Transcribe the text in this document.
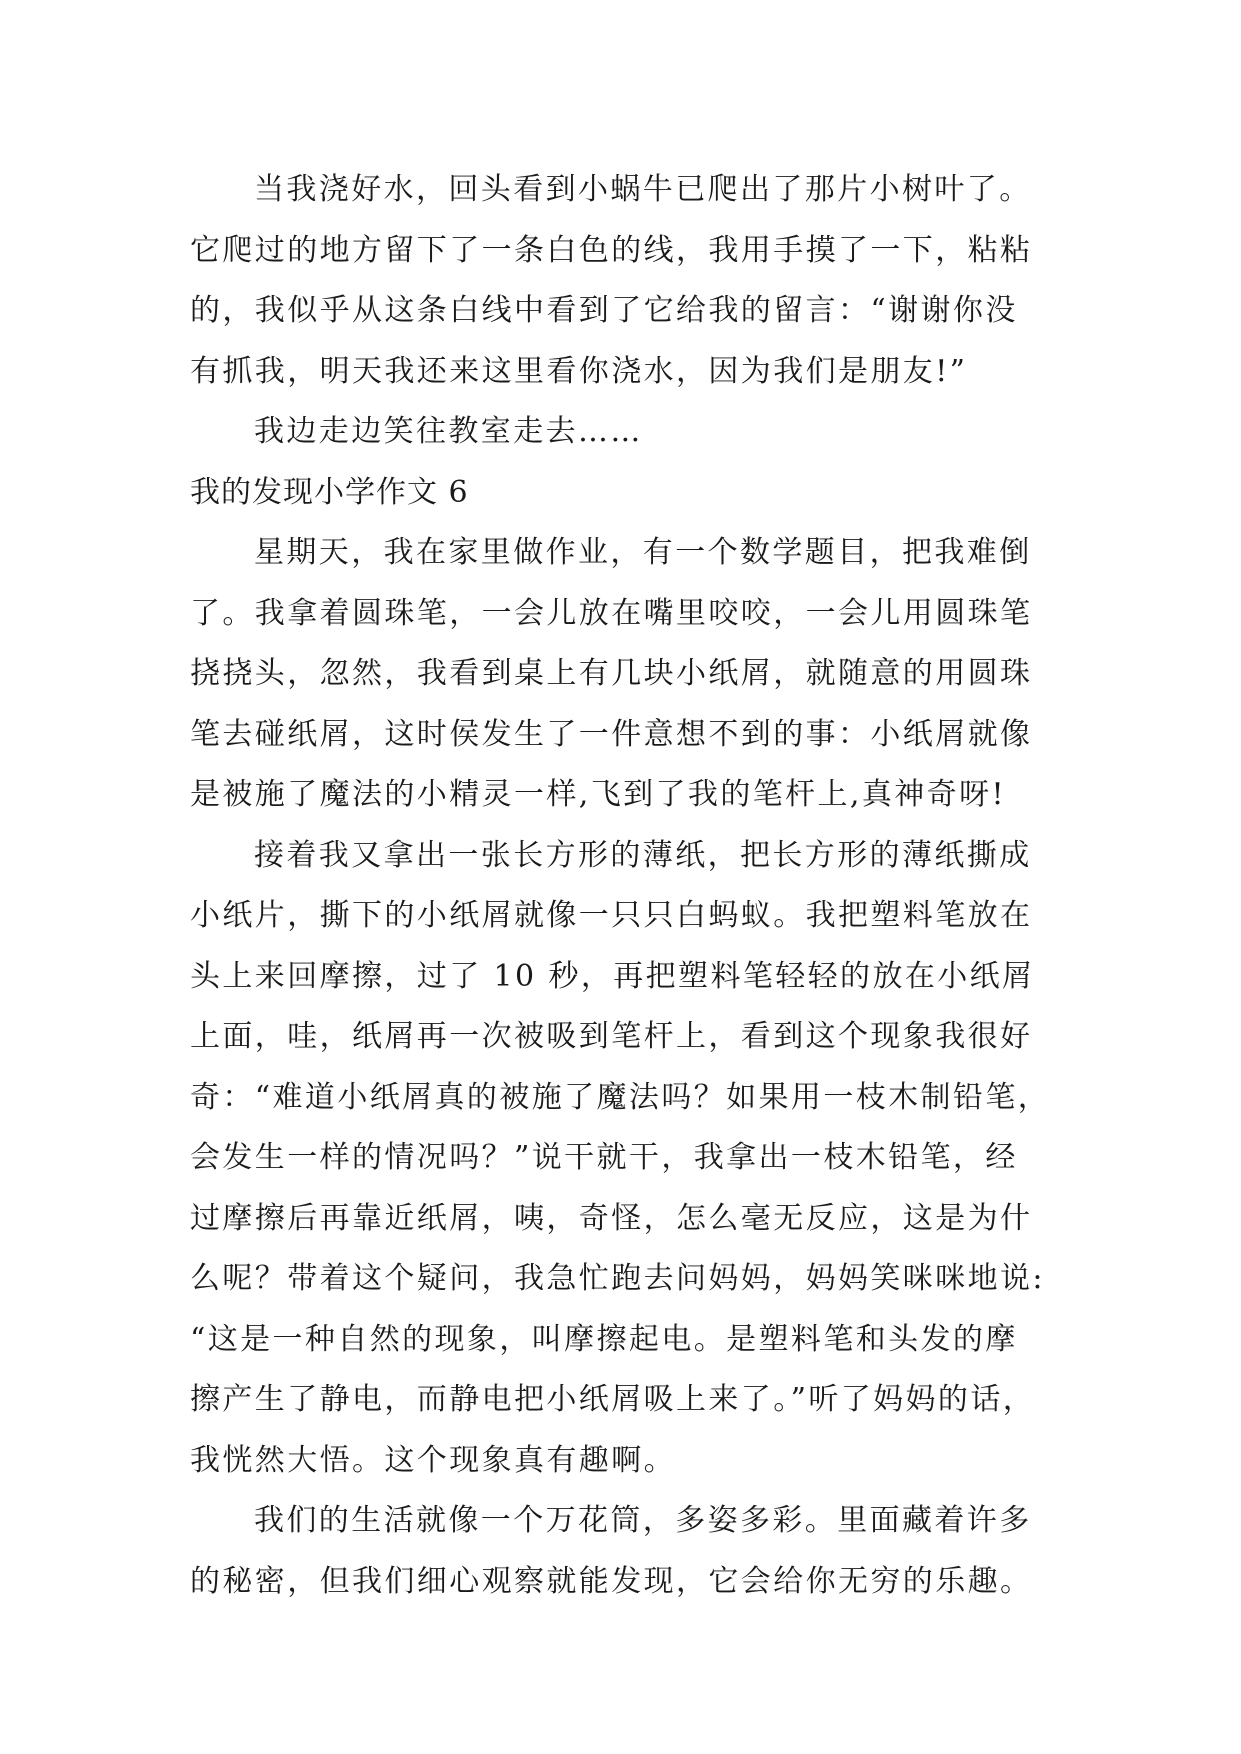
当我浇好水，回头看到小蜗牛已爬出了那片小树叶了。
它爬过的地方留下了一条白色的线，我用手摸了一下，粘粘
的，我似乎从这条白线中看到了它给我的留言：“谢谢你没
有抓我，明天我还来这里看你浇水，因为我们是朋友!”
我边走边笑往教室走去……
我的发现小学作文 6
星期天，我在家里做作业，有一个数学题目，把我难倒
了。我拿着圆珠笔，一会儿放在嘴里咬咬，一会儿用圆珠笔
挠挠头，忽然，我看到桌上有几块小纸屑，就随意的用圆珠
笔去碰纸屑，这时侯发生了一件意想不到的事：小纸屑就像
是被施了魔法的小精灵一样,飞到了我的笔杆上,真神奇呀!
接着我又拿出一张长方形的薄纸，把长方形的薄纸撕成
小纸片，撕下的小纸屑就像一只只白蚂蚁。我把塑料笔放在
头上来回摩擦，过了 10 秒，再把塑料笔轻轻的放在小纸屑
上面，哇，纸屑再一次被吸到笔杆上，看到这个现象我很好
奇：“难道小纸屑真的被施了魔法吗？如果用一枝木制铅笔，
会发生一样的情况吗？”说干就干，我拿出一枝木铅笔，经
过摩擦后再靠近纸屑，咦，奇怪，怎么毫无反应，这是为什
么呢？带着这个疑问，我急忙跑去问妈妈，妈妈笑咪咪地说:
“这是一种自然的现象，叫摩擦起电。是塑料笔和头发的摩
擦产生了静电，而静电把小纸屑吸上来了。”听了妈妈的话，
我恍然大悟。这个现象真有趣啊。
我们的生活就像一个万花筒，多姿多彩。里面藏着许多
的秘密，但我们细心观察就能发现，它会给你无穷的乐趣。
